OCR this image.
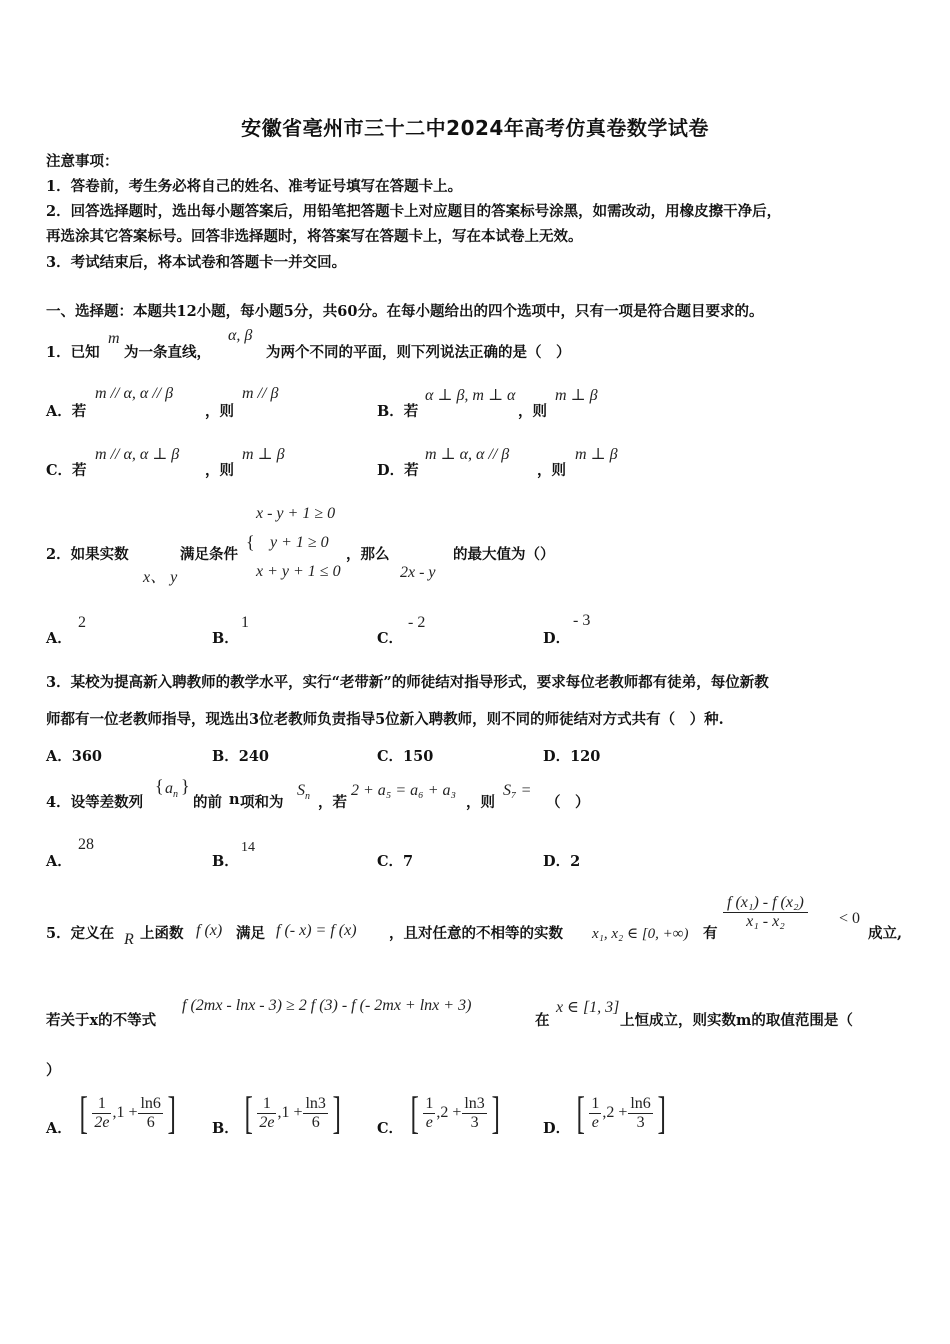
安徽省亳州市三十二中2024年高考仿真卷数学试卷
注意事项：
1．答卷前，考生务必将自己的姓名、准考证号填写在答题卡上。
2．回答选择题时，选出每小题答案后，用铅笔把答题卡上对应题目的答案标号涂黑，如需改动，用橡皮擦干净后，
再选涂其它答案标号。回答非选择题时，将答案写在答题卡上，写在本试卷上无效。
3．考试结束后，将本试卷和答题卡一并交回。
一、选择题：本题共12小题，每小题5分，共60分。在每小题给出的四个选项中，只有一项是符合题目要求的。
1．已知
m
为一条直线，
α, β
为两个不同的平面，则下列说法正确的是（　）
A．若
m // α, α // β
，则
m // β
B．若
α ⊥ β, m ⊥ α
，则
m ⊥ β
C．若
m // α, α ⊥ β
，则
m ⊥ β
D．若
m ⊥ α, α // β
，则
m ⊥ β
2．如果实数
x、 y
满足条件
{
x - y + 1 ≥ 0
y + 1 ≥ 0
x + y + 1 ≤ 0
，那么
2x - y
的最大值为（）
A．
2
B．
1
C．
- 2
D．
- 3
3．某校为提高新入聘教师的教学水平，实行“老带新”的师徒结对指导形式，要求每位老教师都有徒弟，每位新教
师都有一位老教师指导，现选出3位老教师负责指导5位新入聘教师，则不同的师徒结对方式共有（　）种.
A．360	B．240	C．150	D．120
4．设等差数列
{ $a_n$ }
的前 n 项和为
$S_n$ ，若
2 + a₅ = a₆ + a₃
，则
S₇ =
（　）
A．
28
B．
14
C．7	D．2
5．定义在 R 上函数 f (x) 满足 f (- x) = f (x) ，且对任意的不相等的实数 x₁, x₂ ∈ [0, +∞) 有
$\frac{\text{f (x₁) - f (x₂)}}{\text{x₁ - x₂}} < 0$
成立,
若关于x的不等式
f (2mx - lnx - 3) ≥ 2 f (3) - f (- 2mx + lnx + 3)
在
x ∈ [1, 3]
上恒成立，则实数m的取值范围是（
）
A． [ $\frac{1}{2e} ,1 + \frac{\ln 6}{6}$ ] B． [ $\frac{1}{2e} ,1 + \frac{\ln 3}{6}$ ] C． [ $\frac{1}{e} ,2 + \frac{\ln 3}{3}$ ]	D． [ $\frac{1}{e} ,2 + \frac{\ln 6}{3}$ ]
